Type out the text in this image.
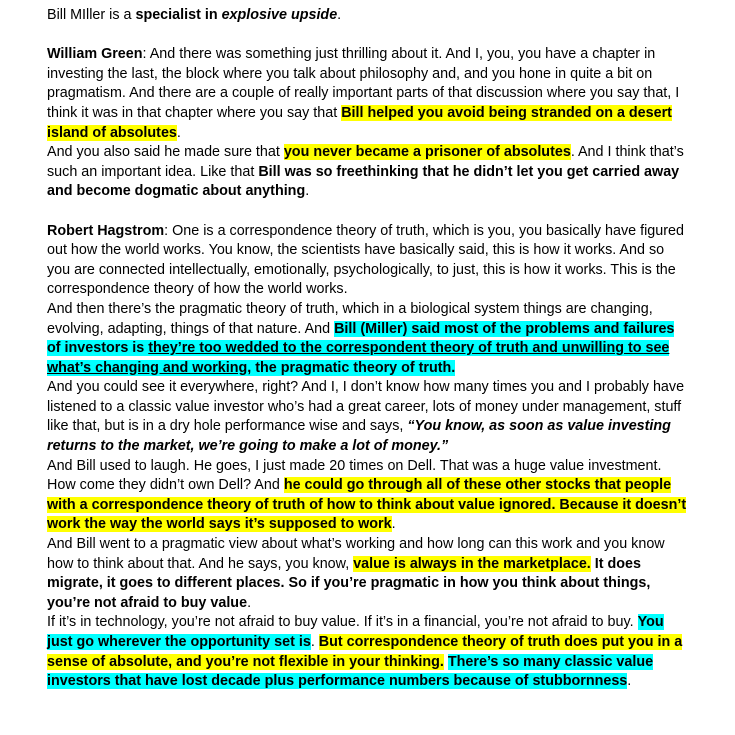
Bill MIller is a specialist in explosive upside.

William Green: And there was something just thrilling about it. And I, you, you have a chapter in investing the last, the block where you talk about philosophy and, and you hone in quite a bit on pragmatism. And there are a couple of really important parts of that discussion where you say that, I think it was in that chapter where you say that Bill helped you avoid being stranded on a desert island of absolutes.

And you also said he made sure that you never became a prisoner of absolutes. And I think that’s such an important idea. Like that Bill was so freethinking that he didn’t let you get carried away and become dogmatic about anything.

Robert Hagstrom: One is a correspondence theory of truth, which is you, you basically have figured out how the world works. You know, the scientists have basically said, this is how it works. And so you are connected intellectually, emotionally, psychologically, to just, this is how it works. This is the correspondence theory of how the world works.

And then there’s the pragmatic theory of truth, which in a biological system things are changing, evolving, adapting, things of that nature. And Bill (Miller) said most of the problems and failures of investors is they’re too wedded to the correspondent theory of truth and unwilling to see what’s changing and working, the pragmatic theory of truth.

And you could see it everywhere, right? And I, I don’t know how many times you and I probably have listened to a classic value investor who’s had a great career, lots of money under management, stuff like that, but is in a dry hole performance wise and says, “You know, as soon as value investing returns to the market, we’re going to make a lot of money.”

And Bill used to laugh. He goes, I just made 20 times on Dell. That was a huge value investment. How come they didn’t own Dell? And he could go through all of these other stocks that people with a correspondence theory of truth of how to think about value ignored. Because it doesn’t work the way the world says it’s supposed to work.

And Bill went to a pragmatic view about what’s working and how long can this work and you know how to think about that. And he says, you know, value is always in the marketplace. It does migrate, it goes to different places. So if you’re pragmatic in how you think about things, you’re not afraid to buy value.

If it’s in technology, you’re not afraid to buy value. If it’s in a financial, you’re not afraid to buy. You just go wherever the opportunity set is. But correspondence theory of truth does put you in a sense of absolute, and you’re not flexible in your thinking. There’s so many classic value investors that have lost decade plus performance numbers because of stubbornness.
